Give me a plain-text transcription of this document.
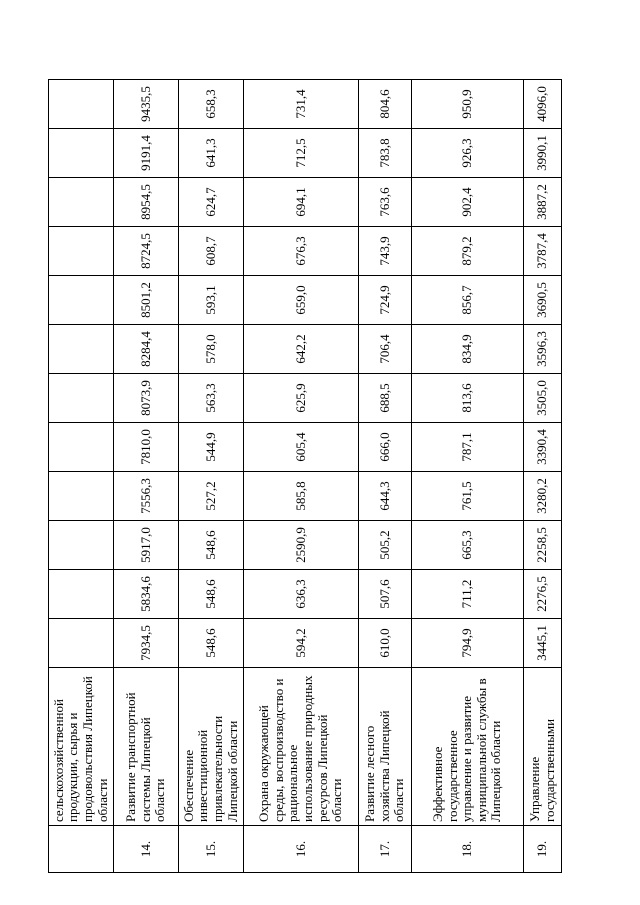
	сельскохозяйственной продукции, сырья и продовольствия Липецкой области												
14.	Развитие транспортной системы Липецкой области	7934,5	5834,6	5917,0	7556,3	7810,0	8073,9	8284,4	8501,2	8724,5	8954,5	9191,4	9435,5
15.	Обеспечение инвестиционной привлекательности Липецкой области	548,6	548,6	548,6	527,2	544,9	563,3	578,0	593,1	608,7	624,7	641,3	658,3
16.	Охрана окружающей среды, воспроизводство и рациональное использование природных ресурсов Липецкой области	594,2	636,3	2590,9	585,8	605,4	625,9	642,2	659,0	676,3	694,1	712,5	731,4
17.	Развитие лесного хозяйства Липецкой области	610,0	507,6	505,2	644,3	666,0	688,5	706,4	724,9	743,9	763,6	783,8	804,6
18.	Эффективное государственное управление и развитие муниципальной службы в Липецкой области	794,9	711,2	665,3	761,5	787,1	813,6	834,9	856,7	879,2	902,4	926,3	950,9
19.	Управление государственными	3445,1	2276,5	2258,5	3280,2	3390,4	3505,0	3596,3	3690,5	3787,4	3887,2	3990,1	4096,0
